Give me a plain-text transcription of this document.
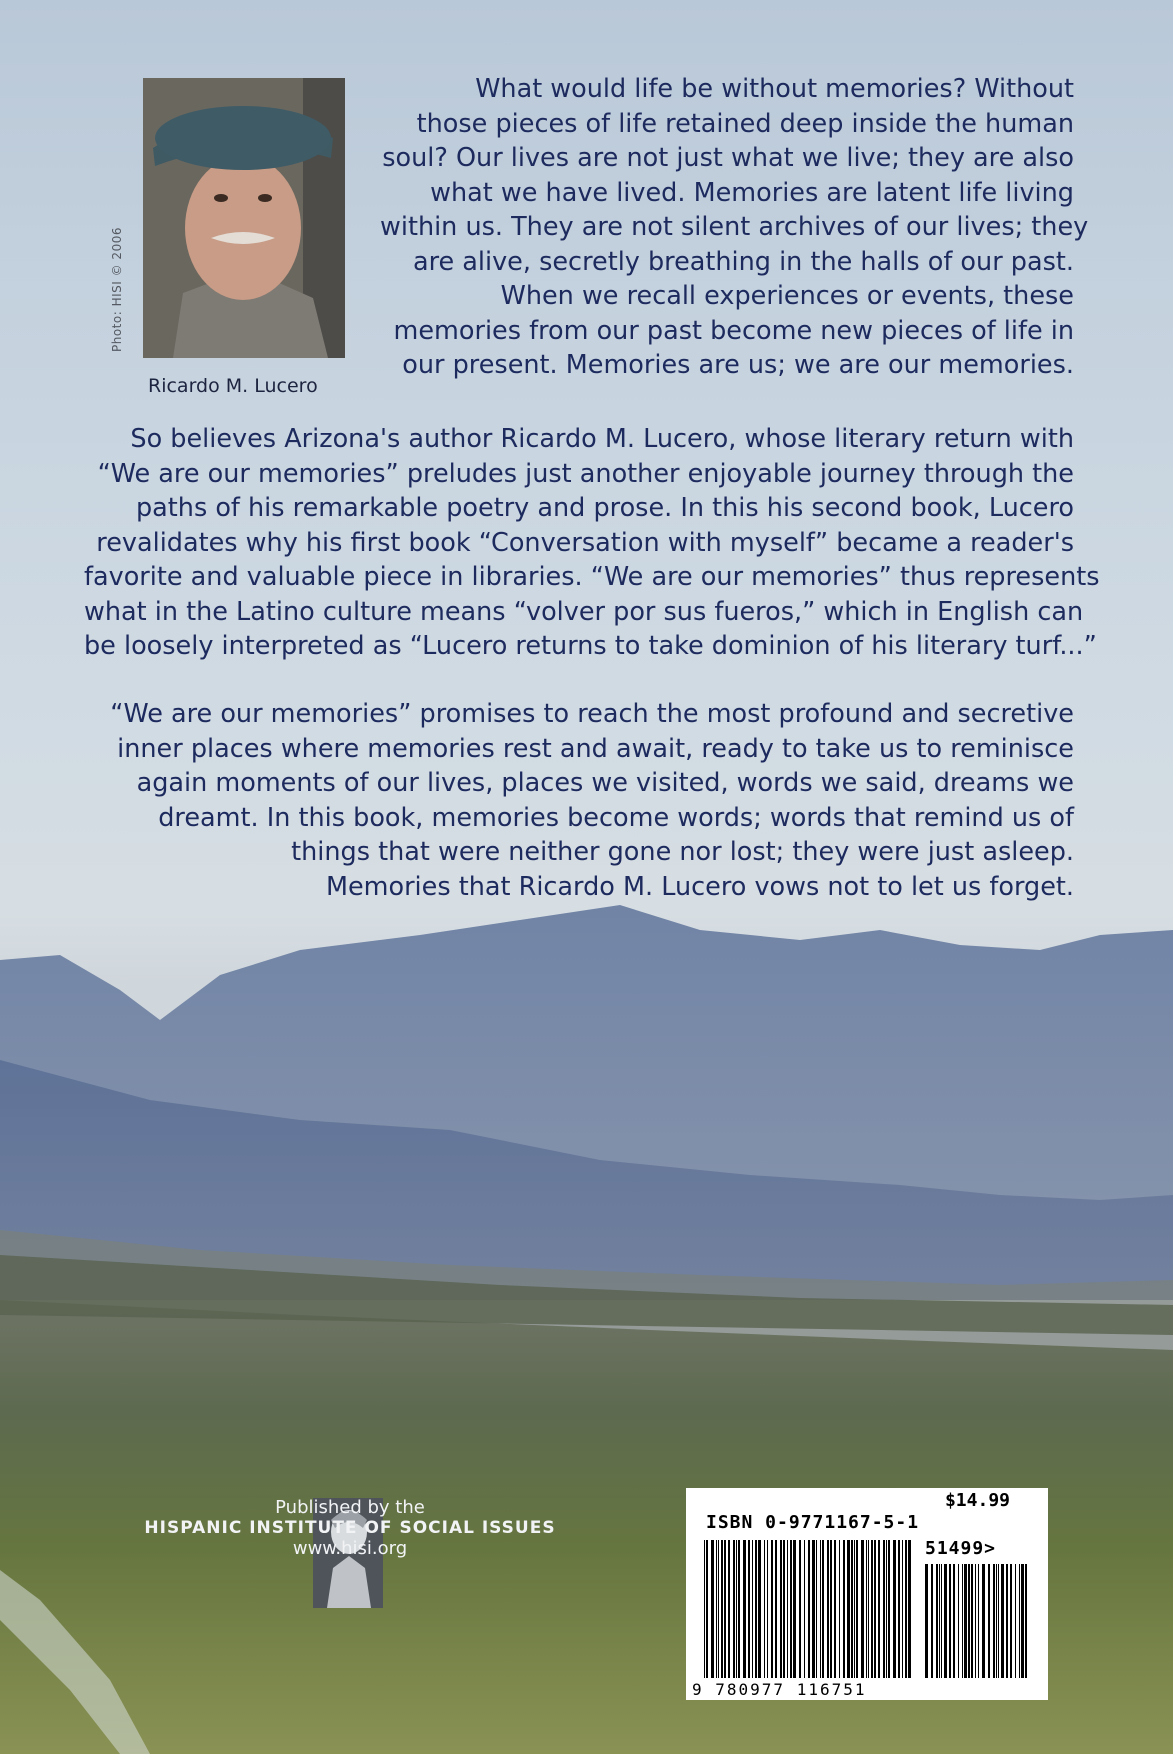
Photo: HISI © 2006
Ricardo M. Lucero
What would life be without memories? Without
those pieces of life retained deep inside the human
soul? Our lives are not just what we live; they are also
what we have lived. Memories are latent life living
within us. They are not silent archives of our lives; they
are alive, secretly breathing in the halls of our past.
When we recall experiences or events, these
memories from our past become new pieces of life in
our present. Memories are us; we are our memories.
So believes Arizona's author Ricardo M. Lucero, whose literary return with
“We are our memories” preludes just another enjoyable journey through the
paths of his remarkable poetry and prose. In this his second book, Lucero
revalidates why his first book “Conversation with myself” became a reader's
favorite and valuable piece in libraries. “We are our memories” thus represents
what in the Latino culture means “volver por sus fueros,” which in English can
be loosely interpreted as “Lucero returns to take dominion of his literary turf...”
“We are our memories” promises to reach the most profound and secretive
inner places where memories rest and await, ready to take us to reminisce
again moments of our lives, places we visited, words we said, dreams we
dreamt. In this book, memories become words; words that remind us of
things that were neither gone nor lost; they were just asleep.
Memories that Ricardo M. Lucero vows not to let us forget.
Published by the
HISPANIC INSTITUTE OF SOCIAL ISSUES
www.hisi.org
$14.99
ISBN 0-9771167-5-1
51499>
9 780977 116751
